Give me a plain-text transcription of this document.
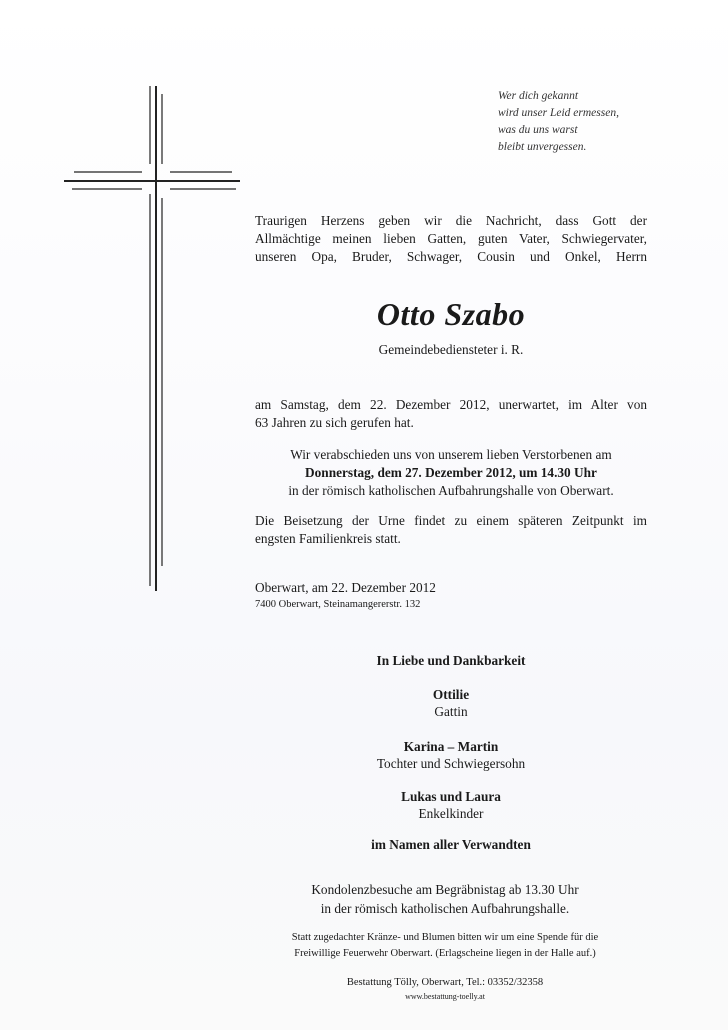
Wer dich gekannt
wird unser Leid ermessen,
was du uns warst
bleibt unvergessen.
Traurigen Herzens geben wir die Nachricht, dass Gott der
Allmächtige meinen lieben Gatten, guten Vater, Schwiegervater,
unseren Opa, Bruder, Schwager, Cousin und Onkel, Herrn
Otto Szabo
Gemeindebediensteter i. R.
am Samstag, dem 22. Dezember 2012, unerwartet, im Alter von
63 Jahren zu sich gerufen hat.
Wir verabschieden uns von unserem lieben Verstorbenen am
Donnerstag, dem 27. Dezember 2012, um 14.30 Uhr
in der römisch katholischen Aufbahrungshalle von Oberwart.
Die Beisetzung der Urne findet zu einem späteren Zeitpunkt im
engsten Familienkreis statt.
Oberwart, am 22. Dezember 2012
7400 Oberwart, Steinamangererstr. 132
In Liebe und Dankbarkeit
Ottilie
Gattin
Karina – Martin
Tochter und Schwiegersohn
Lukas und Laura
Enkelkinder
im Namen aller Verwandten
Kondolenzbesuche am Begräbnistag ab 13.30 Uhr
in der römisch katholischen Aufbahrungshalle.
Statt zugedachter Kränze- und Blumen bitten wir um eine Spende für die
Freiwillige Feuerwehr Oberwart. (Erlagscheine liegen in der Halle auf.)
Bestattung Tölly, Oberwart, Tel.: 03352/32358
www.bestattung-toelly.at
